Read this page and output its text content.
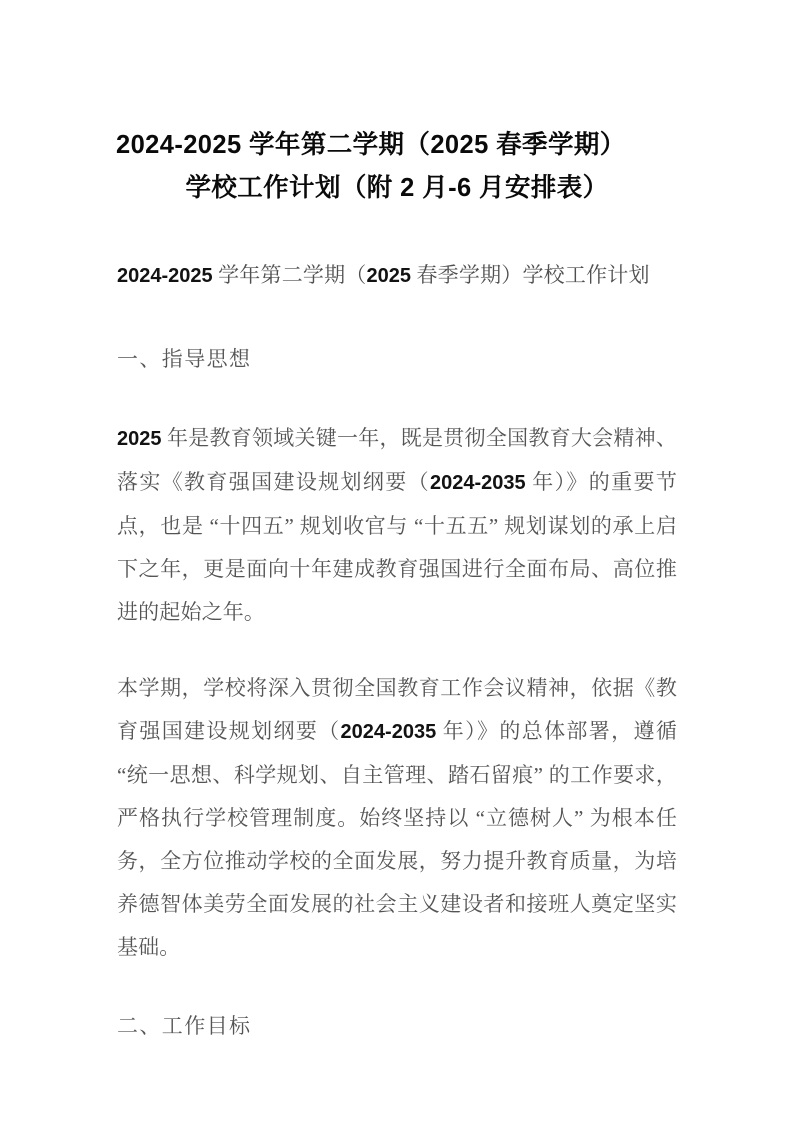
2024-2025 学年第二学期（2025 春季学期）
学校工作计划（附 2 月-6 月安排表）

2024-2025 学年第二学期（2025 春季学期）学校工作计划

一、指导思想

2025 年是教育领域关键一年，既是贯彻全国教育大会精神、落实《教育强国建设规划纲要（2024-2035 年）》的重要节点，也是 “十四五” 规划收官与 “十五五” 规划谋划的承上启下之年，更是面向十年建成教育强国进行全面布局、高位推进的起始之年。

本学期，学校将深入贯彻全国教育工作会议精神，依据《教育强国建设规划纲要（2024-2035 年）》的总体部署，遵循“统一思想、科学规划、自主管理、踏石留痕” 的工作要求，严格执行学校管理制度。始终坚持以 “立德树人” 为根本任务，全方位推动学校的全面发展，努力提升教育质量，为培养德智体美劳全面发展的社会主义建设者和接班人奠定坚实基础。

二、工作目标
